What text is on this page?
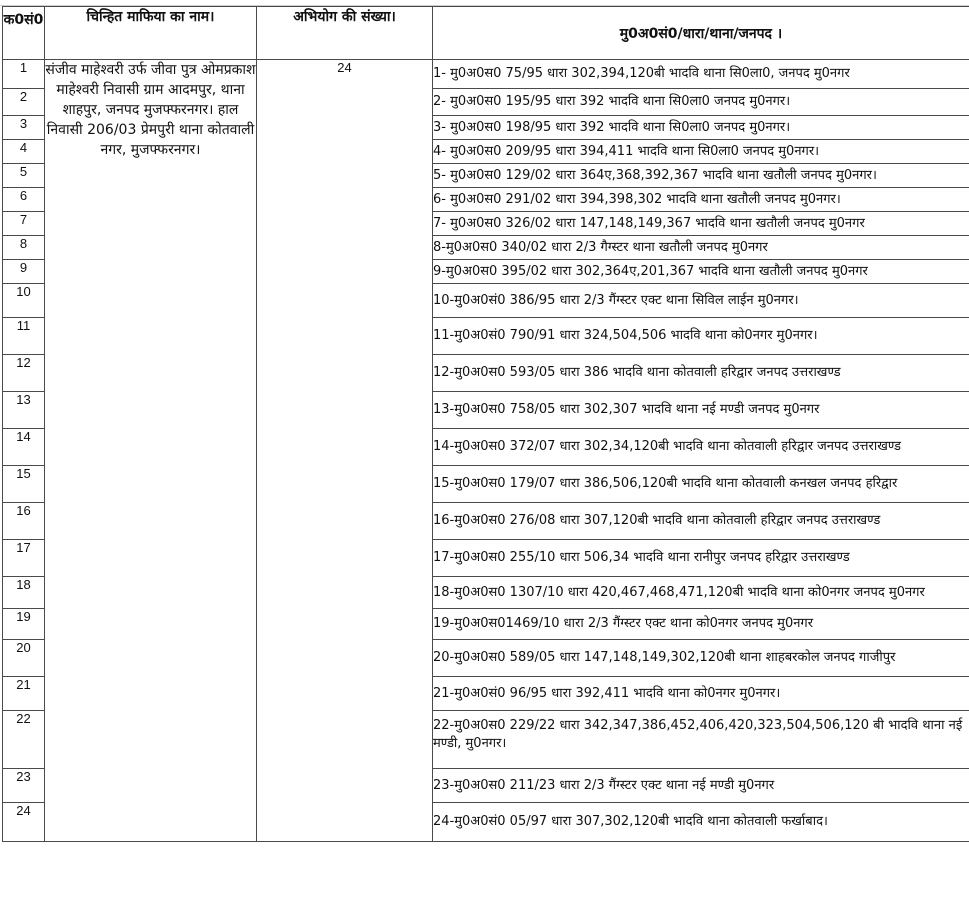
क0सं0	चिन्हित माफिया का नाम।	अभियोग की संख्या।	मु0अ0सं0/धारा/थाना/जनपद ।
1	संजीव माहेश्वरी उर्फ जीवा पुत्र ओमप्रकाश माहेश्वरी निवासी ग्राम आदमपुर, थाना शाहपुर, जनपद मुजफ्फरनगर। हाल निवासी 206/03 प्रेमपुरी थाना कोतवाली नगर, मुजफ्फरनगर।	24	1- मु0अ0स0 75/95 धारा 302,394,120बी भादवि थाना सि0ला0, जनपद मु0नगर
2			2- मु0अ0स0 195/95 धारा 392 भादवि थाना सि0ला0 जनपद मु0नगर।
3			3- मु0अ0स0 198/95 धारा 392 भादवि थाना सि0ला0 जनपद मु0नगर।
4			4- मु0अ0स0 209/95 धारा 394,411 भादवि थाना सि0ला0 जनपद मु0नगर।
5			5- मु0अ0स0 129/02 धारा 364ए,368,392,367 भादवि थाना खतौली जनपद मु0नगर।
6			6- मु0अ0स0 291/02 धारा 394,398,302 भादवि थाना खतौली जनपद मु0नगर।
7			7- मु0अ0स0 326/02 धारा 147,148,149,367 भादवि थाना खतौली जनपद मु0नगर
8			8-मु0अ0स0 340/02 धारा 2/3 गैग्स्टर थाना खतौली जनपद मु0नगर
9			9-मु0अ0स0 395/02 धारा 302,364ए,201,367 भादवि थाना खतौली जनपद मु0नगर
10			10-मु0अ0सं0 386/95 धारा 2/3 गैंग्स्टर एक्ट थाना सिविल लाईन मु0नगर।
11			11-मु0अ0सं0 790/91 धारा 324,504,506 भादवि थाना को0नगर मु0नगर।
12			12-मु0अ0स0 593/05 धारा 386 भादवि थाना कोतवाली हरिद्वार जनपद उत्तराखण्ड
13			13-मु0अ0स0 758/05 धारा 302,307 भादवि थाना नई मण्डी जनपद मु0नगर
14			14-मु0अ0स0 372/07 धारा 302,34,120बी भादवि थाना कोतवाली हरिद्वार जनपद उत्तराखण्ड
15			15-मु0अ0स0 179/07 धारा 386,506,120बी भादवि थाना कोतवाली कनखल जनपद हरिद्वार
16			16-मु0अ0स0 276/08 धारा 307,120बी भादवि थाना कोतवाली हरिद्वार जनपद उत्तराखण्ड
17			17-मु0अ0स0 255/10 धारा 506,34 भादवि थाना रानीपुर जनपद हरिद्वार उत्तराखण्ड
18			18-मु0अ0स0 1307/10 धारा 420,467,468,471,120बी भादवि थाना को0नगर जनपद मु0नगर
19			19-मु0अ0स01469/10 धारा 2/3 गैंग्स्टर एक्ट थाना को0नगर जनपद मु0नगर
20			20-मु0अ0स0 589/05 धारा 147,148,149,302,120बी थाना शाहबरकोल जनपद गाजीपुर
21			21-मु0अ0सं0 96/95 धारा 392,411 भादवि थाना को0नगर मु0नगर।
22			22-मु0अ0स0 229/22 धारा 342,347,386,452,406,420,323,504,506,120 बी भादवि थाना नई मण्डी, मु0नगर।
23			23-मु0अ0स0 211/23 धारा 2/3 गैंग्स्टर एक्ट थाना नई मण्डी मु0नगर
24			24-मु0अ0सं0 05/97 धारा 307,302,120बी भादवि थाना कोतवाली फर्खाबाद।
